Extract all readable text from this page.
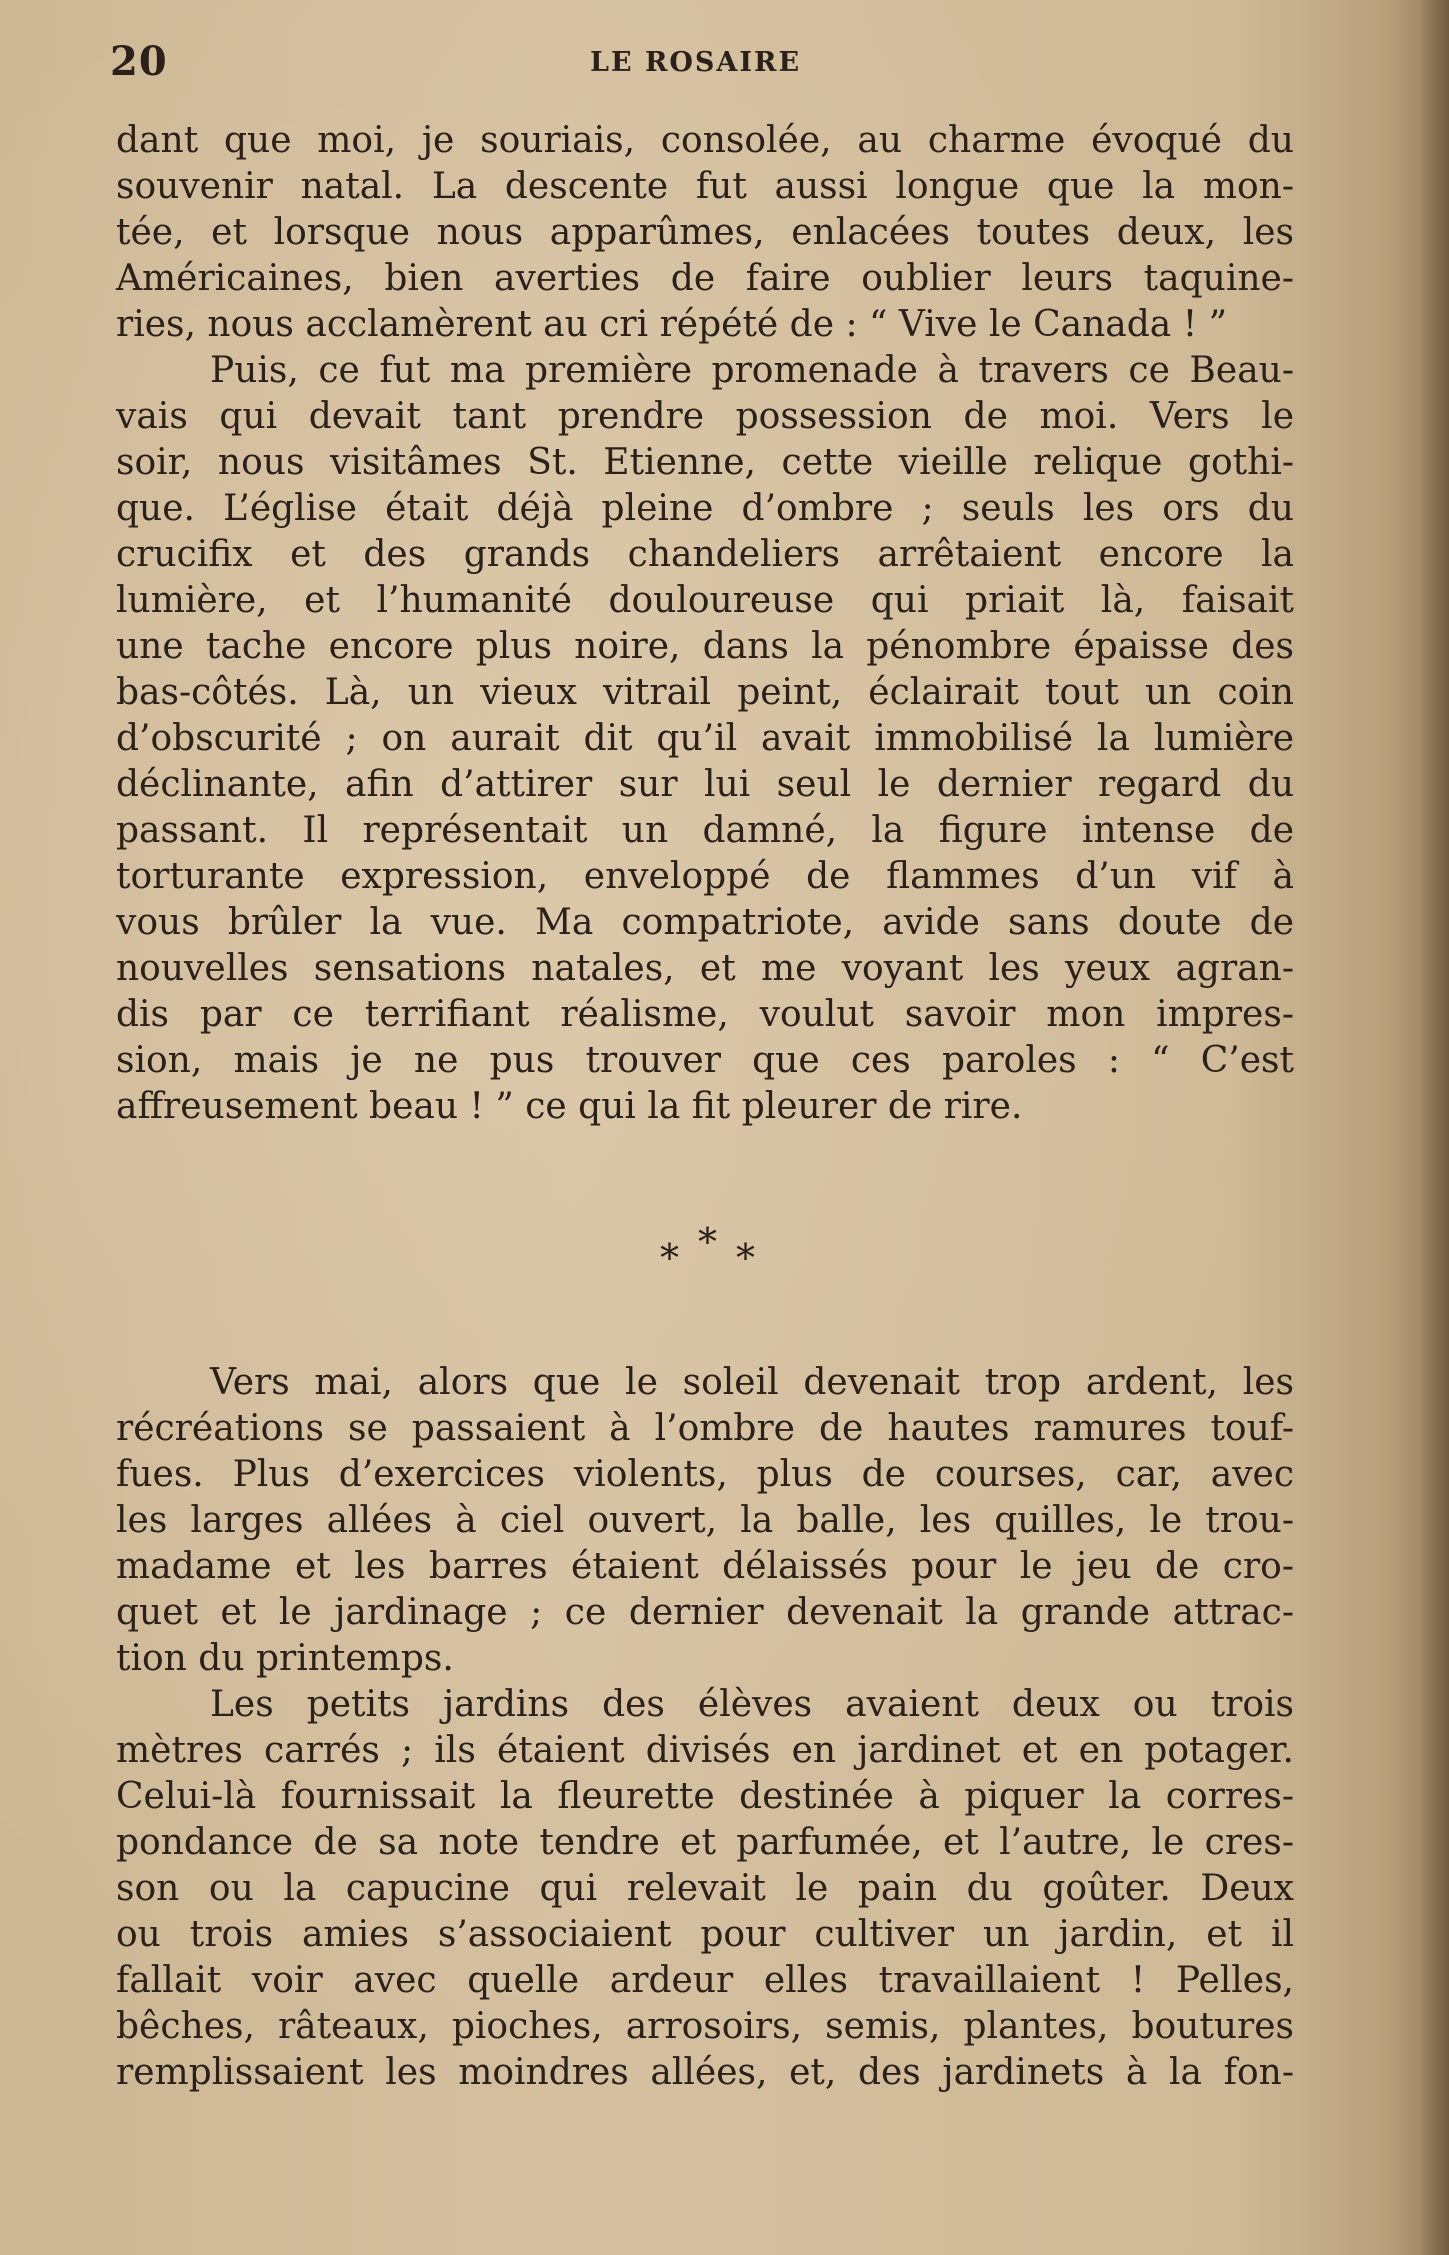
20	LE ROSAIRE
dant que moi, je souriais, consolée, au charme évoqué du
souvenir natal. La descente fut aussi longue que la mon-
tée, et lorsque nous apparûmes, enlacées toutes deux, les
Américaines, bien averties de faire oublier leurs taquine-
ries, nous acclamèrent au cri répété de : “ Vive le Canada ! ”
Puis, ce fut ma première promenade à travers ce Beau-
vais qui devait tant prendre possession de moi. Vers le
soir, nous visitâmes St. Etienne, cette vieille relique gothi-
que. L’église était déjà pleine d’ombre ; seuls les ors du
crucifix et des grands chandeliers arrêtaient encore la
lumière, et l’humanité douloureuse qui priait là, faisait
une tache encore plus noire, dans la pénombre épaisse des
bas-côtés. Là, un vieux vitrail peint, éclairait tout un coin
d’obscurité ; on aurait dit qu’il avait immobilisé la lumière
déclinante, afin d’attirer sur lui seul le dernier regard du
passant. Il représentait un damné, la figure intense de
torturante expression, enveloppé de flammes d’un vif à
vous brûler la vue. Ma compatriote, avide sans doute de
nouvelles sensations natales, et me voyant les yeux agran-
dis par ce terrifiant réalisme, voulut savoir mon impres-
sion, mais je ne pus trouver que ces paroles : “ C’est
affreusement beau ! ” ce qui la fit pleurer de rire.
*
* *
Vers mai, alors que le soleil devenait trop ardent, les
récréations se passaient à l’ombre de hautes ramures touf-
fues. Plus d’exercices violents, plus de courses, car, avec
les larges allées à ciel ouvert, la balle, les quilles, le trou-
madame et les barres étaient délaissés pour le jeu de cro-
quet et le jardinage ; ce dernier devenait la grande attrac-
tion du printemps.
Les petits jardins des élèves avaient deux ou trois
mètres carrés ; ils étaient divisés en jardinet et en potager.
Celui-là fournissait la fleurette destinée à piquer la corres-
pondance de sa note tendre et parfumée, et l’autre, le cres-
son ou la capucine qui relevait le pain du goûter. Deux
ou trois amies s’associaient pour cultiver un jardin, et il
fallait voir avec quelle ardeur elles travaillaient ! Pelles,
bêches, râteaux, pioches, arrosoirs, semis, plantes, boutures
remplissaient les moindres allées, et, des jardinets à la fon-
